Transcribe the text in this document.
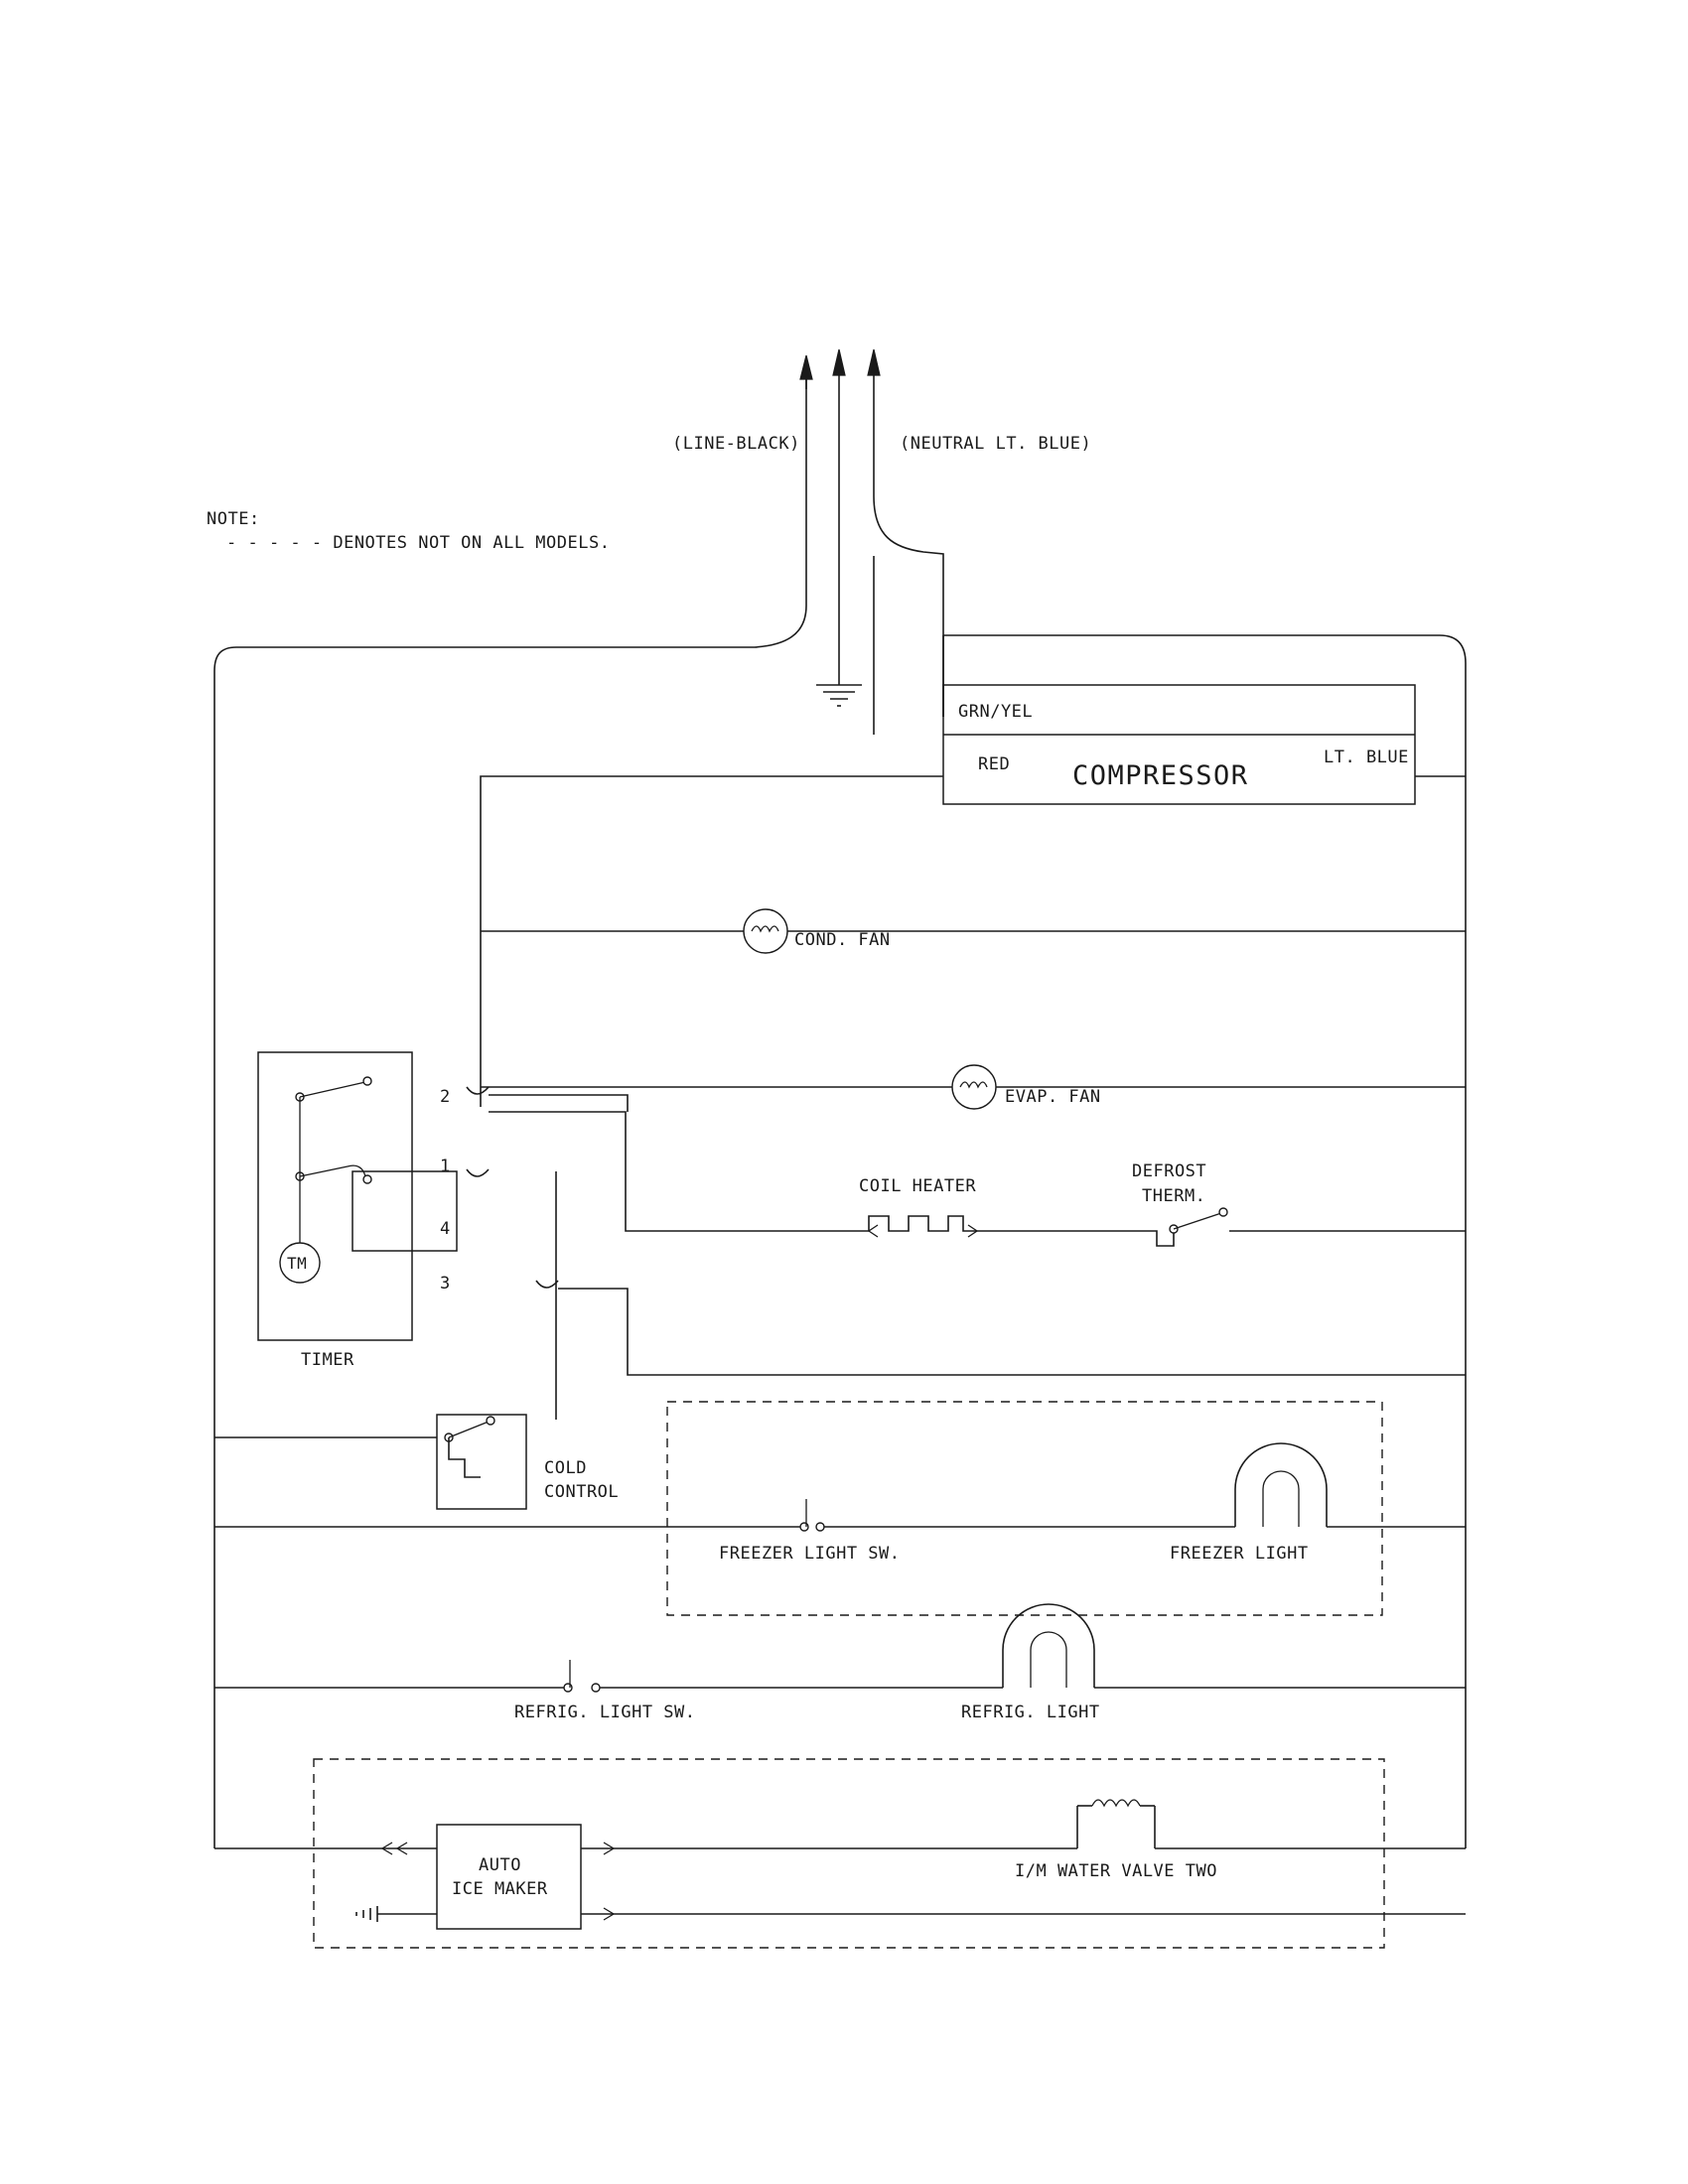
GRN/YEL
RED COMPRESSOR
LT. BLUE
COND. FAN
EVAP. FAN
TM
2
1
4
3
TIMER
COIL HEATER
DEFROST
THERM.
COLD
CONTROL
FREEZER LIGHT SW.	FREEZER LIGHT
REFRIG. LIGHT SW.	REFRIG. LIGHT
AUTO
ICE MAKER
I/M WATER VALVE TWO
(LINE-BLACK)	(NEUTRAL LT. BLUE)
NOTE:
- - - - - DENOTES NOT ON ALL MODELS.
